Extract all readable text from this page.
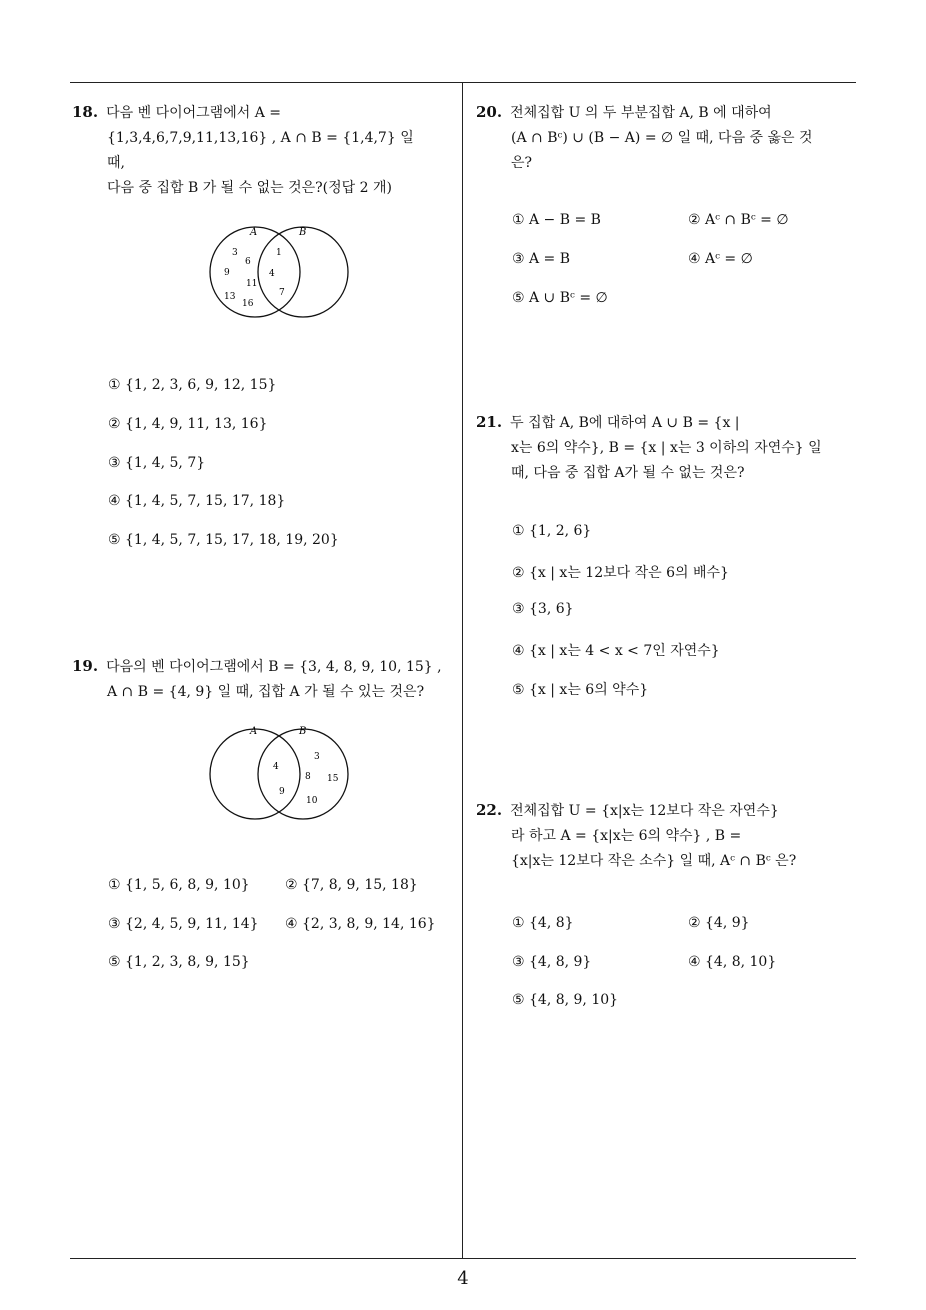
18. 다음 벤 다이어그램에서 A =
{1,3,4,6,7,9,11,13,16} , A ∩ B = {1,4,7} 일
때,
다음 중 집합 B 가 될 수 없는 것은?(정답 2 개)
A	B
3
6
9
11
13
16
1
4
7
① {1, 2, 3, 6, 9, 12, 15}
② {1, 4, 9, 11, 13, 16}
③ {1, 4, 5, 7}
④ {1, 4, 5, 7, 15, 17, 18}
⑤ {1, 4, 5, 7, 15, 17, 18, 19, 20}
19. 다음의 벤 다이어그램에서 B = {3, 4, 8, 9, 10, 15} ,
A ∩ B = {4, 9} 일 때, 집합 A 가 될 수 있는 것은?
A	B
4
9
3
8 15
10
① {1, 5, 6, 8, 9, 10}	② {7, 8, 9, 15, 18}
③ {2, 4, 5, 9, 11, 14} ④ {2, 3, 8, 9, 14, 16}
⑤ {1, 2, 3, 8, 9, 15}
20. 전체집합 U 의 두 부분집합 A, B 에 대하여
(A ∩ Bᶜ) ∪ (B − A) = ∅ 일 때, 다음 중 옳은 것
은?
① A − B = B	② Aᶜ ∩ Bᶜ = ∅
③ A = B	④ Aᶜ = ∅
⑤ A ∪ Bᶜ = ∅
21. 두 집합 A, B에 대하여 A ∪ B = {x |
x는 6의 약수}, B = {x | x는 3 이하의 자연수} 일
때, 다음 중 집합 A가 될 수 없는 것은?
① {1, 2, 6}
② {x | x는 12보다 작은 6의 배수}
③ {3, 6}
④ {x | x는 4 < x < 7인 자연수}
⑤ {x | x는 6의 약수}
22. 전체집합 U = {x|x는 12보다 작은 자연수}
라 하고 A = {x|x는 6의 약수} , B =
{x|x는 12보다 작은 소수} 일 때, Aᶜ ∩ Bᶜ 은?
① {4, 8}	② {4, 9}
③ {4, 8, 9}	④ {4, 8, 10}
⑤ {4, 8, 9, 10}
4
